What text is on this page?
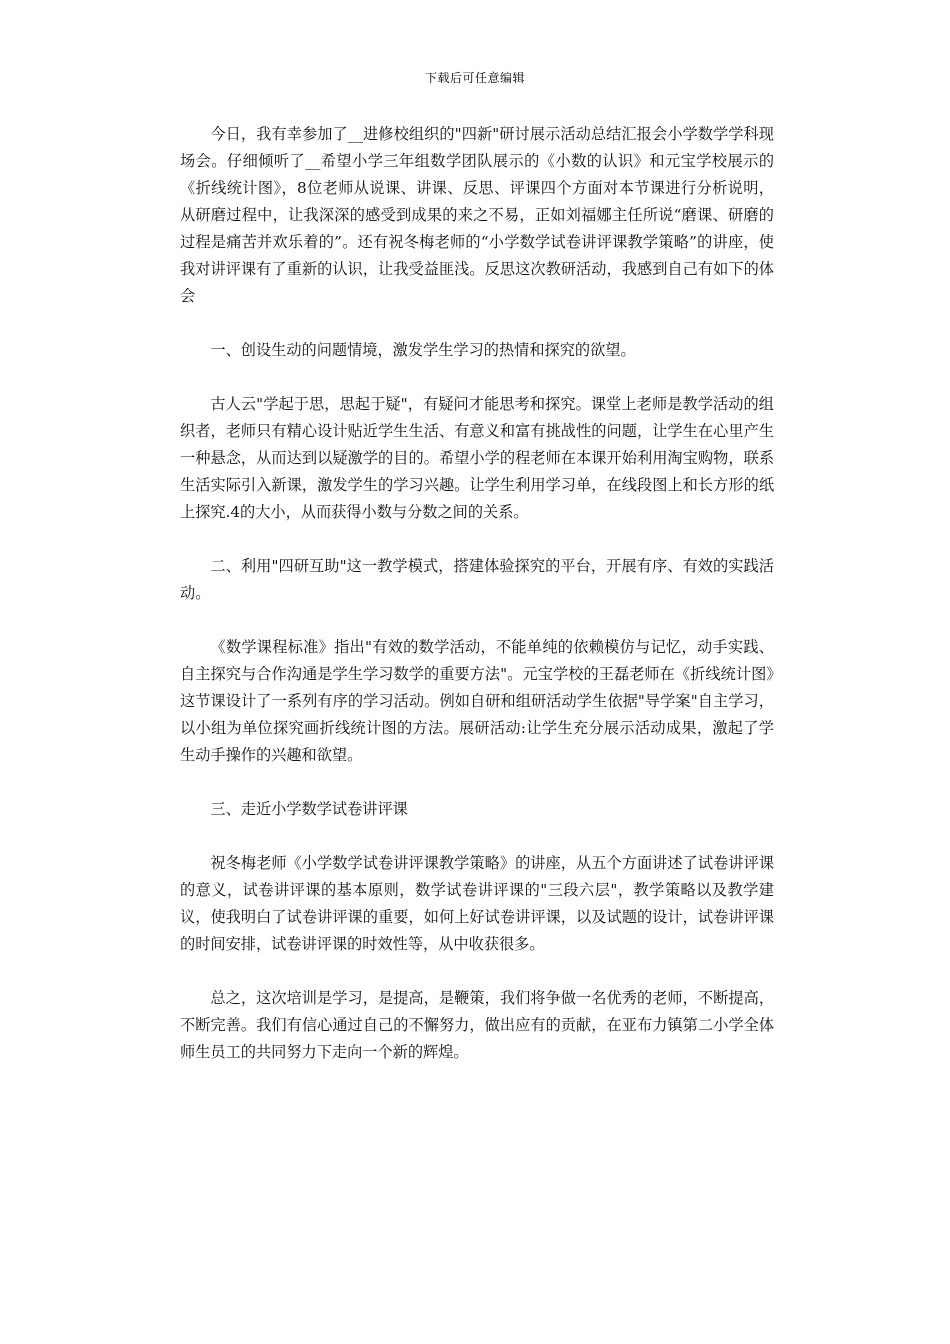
下载后可任意编辑

今日，我有幸参加了__进修校组织的"四新"研讨展示活动总结汇报会小学数学学科现场会。仔细倾听了__希望小学三年组数学团队展示的《小数的认识》和元宝学校展示的《折线统计图》，8位老师从说课、讲课、反思、评课四个方面对本节课进行分析说明，从研磨过程中，让我深深的感受到成果的来之不易，正如刘福娜主任所说“磨课、研磨的过程是痛苦并欢乐着的”。还有祝冬梅老师的“小学数学试卷讲评课教学策略”的讲座，使我对讲评课有了重新的认识，让我受益匪浅。反思这次教研活动，我感到自己有如下的体会

一、创设生动的问题情境，激发学生学习的热情和探究的欲望。

古人云"学起于思，思起于疑"，有疑问才能思考和探究。课堂上老师是教学活动的组织者，老师只有精心设计贴近学生生活、有意义和富有挑战性的问题，让学生在心里产生一种悬念，从而达到以疑激学的目的。希望小学的程老师在本课开始利用淘宝购物，联系生活实际引入新课，激发学生的学习兴趣。让学生利用学习单，在线段图上和长方形的纸上探究.4的大小，从而获得小数与分数之间的关系。

二、利用"四研互助"这一教学模式，搭建体验探究的平台，开展有序、有效的实践活动。

《数学课程标准》指出"有效的数学活动，不能单纯的依赖模仿与记忆，动手实践、自主探究与合作沟通是学生学习数学的重要方法"。元宝学校的王磊老师在《折线统计图》这节课设计了一系列有序的学习活动。例如自研和组研活动学生依据"导学案"自主学习，以小组为单位探究画折线统计图的方法。展研活动:让学生充分展示活动成果，激起了学生动手操作的兴趣和欲望。

三、走近小学数学试卷讲评课

祝冬梅老师《小学数学试卷讲评课教学策略》的讲座，从五个方面讲述了试卷讲评课的意义，试卷讲评课的基本原则，数学试卷讲评课的"三段六层"，教学策略以及教学建议，使我明白了试卷讲评课的重要，如何上好试卷讲评课，以及试题的设计，试卷讲评课的时间安排，试卷讲评课的时效性等，从中收获很多。

总之，这次培训是学习，是提高，是鞭策，我们将争做一名优秀的老师，不断提高，不断完善。我们有信心通过自己的不懈努力，做出应有的贡献，在亚布力镇第二小学全体师生员工的共同努力下走向一个新的辉煌。
